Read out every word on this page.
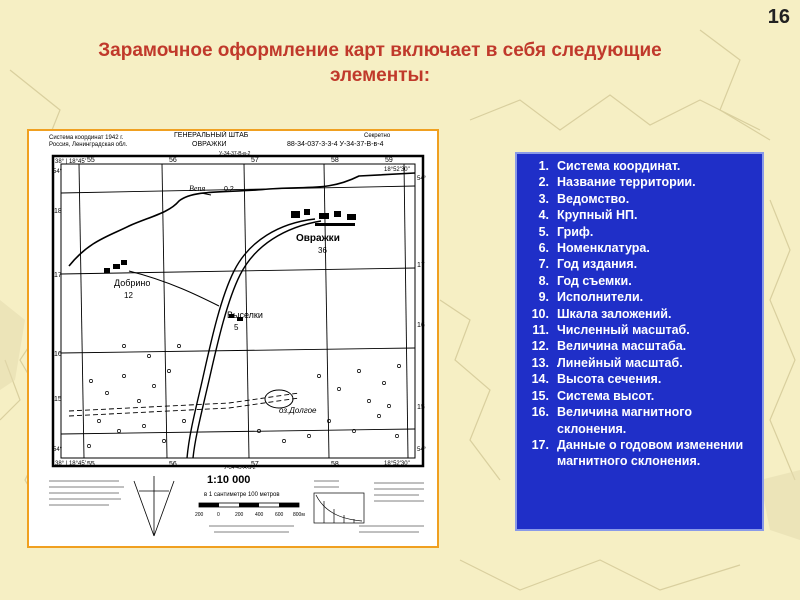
16
Зарамочное оформление карт включает в себя следующие
элементы:
Система координат 1942 г.
Россия, Ленинградская обл.
ГЕНЕРАЛЬНЫЙ ШТАБ
ОВРАЖКИ
Секретно
88-34-037-3-3-4 У-34-37-В-в-4
У-34-37-В-в-2
У-34-49-А-а-2
55	56	57	58	59
55	56	57	58
18
17
16
15
17
16
15
38° | 18°45'
54°	18°52'30"
54°
38° | 18°45'
54°
18°52'30"
54°
Вепя	0,2
Овражки
36
Добрино
12
Выселки
5
оз.Долгое
1:10 000
в 1 сантиметре 100 метров
200	0	200 400 600 800м
1. Система координат.
2. Название территории.
3. Ведомство.
4. Крупный НП.
5. Гриф.
6. Номенклатура.
7. Год издания.
8. Год съемки.
9. Исполнители.
10. Шкала заложений.
11. Численный масштаб.
12. Величина масштаба.
13. Линейный масштаб.
14. Высота сечения.
15. Система высот.
16. Величина магнитного склонения.
17. Данные о годовом изменении магнитного склонения.
